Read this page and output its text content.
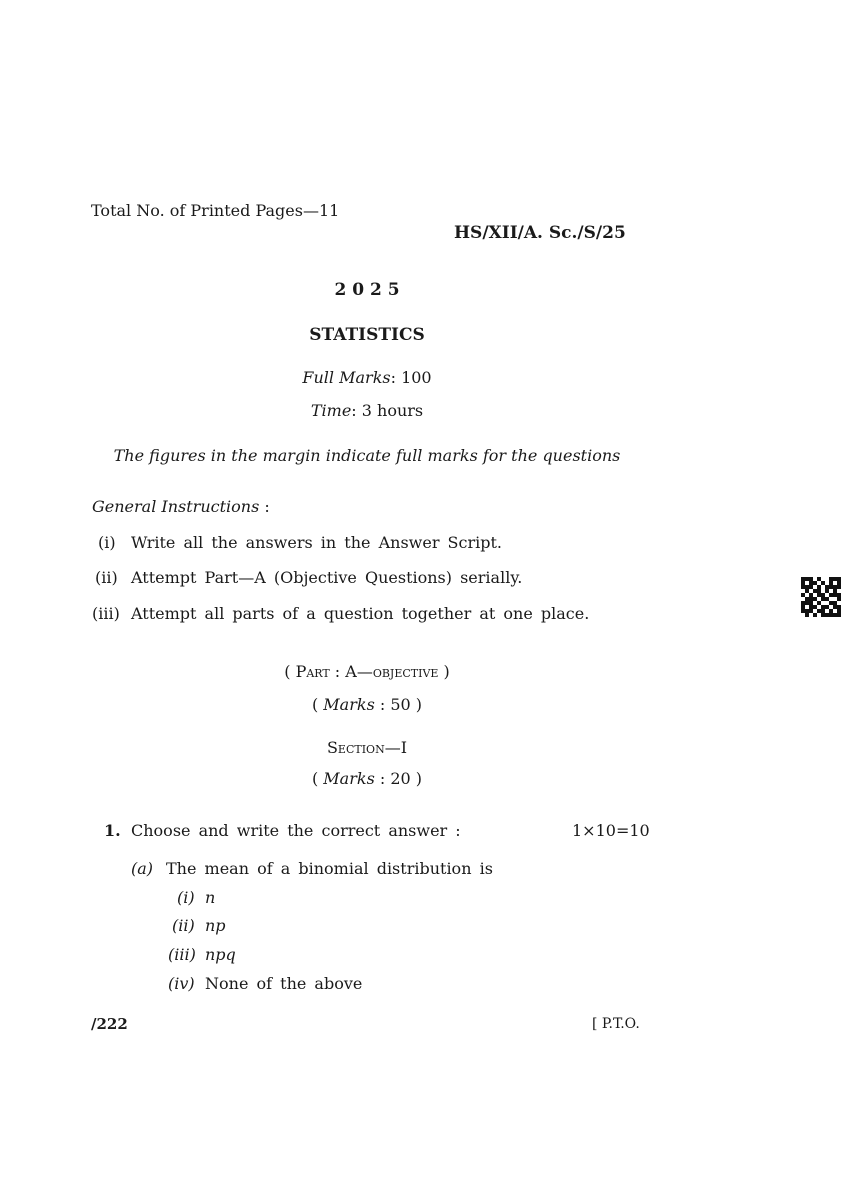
Total No. of Printed Pages—11
HS/XII/A. Sc./S/25
2 0 2 5
STATISTICS
Full Marks: 100
Time: 3 hours
The figures in the margin indicate full marks for the questions
General Instructions :
(i) Write all the answers in the Answer Script.
(ii) Attempt Part—A (Objective Questions) serially.
(iii) Attempt all parts of a question together at one place.
( Part : A—objective )
( Marks : 50 )
Section—I
( Marks : 20 )
1. Choose and write the correct answer :	1×10=10
(a) The mean of a binomial distribution is
(i) n
(ii) np
(iii) npq
(iv) None of the above
/222	[ P.T.O.
